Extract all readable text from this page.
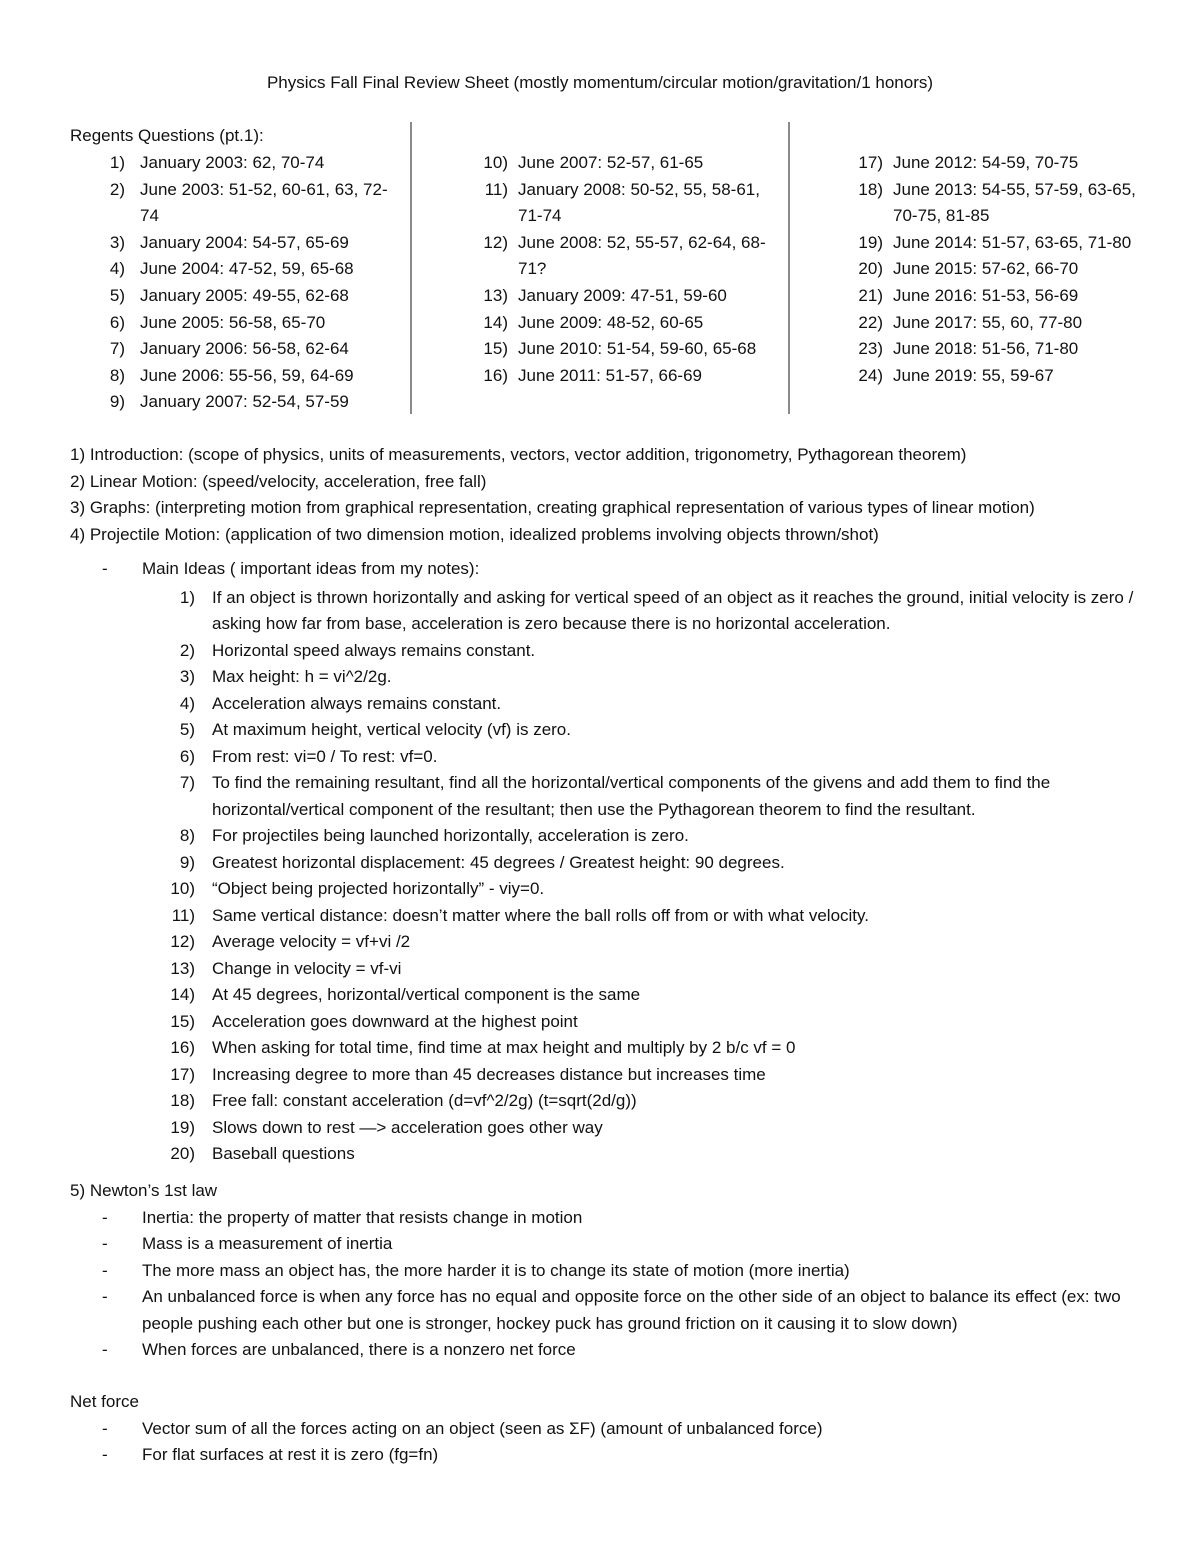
Physics Fall Final Review Sheet (mostly momentum/circular motion/gravitation/1 honors)
Regents Questions (pt.1):
1) January 2003: 62, 70-74
2) June 2003: 51-52, 60-61, 63, 72-74
3) January 2004: 54-57, 65-69
4) June 2004: 47-52, 59, 65-68
5) January 2005: 49-55, 62-68
6) June 2005: 56-58, 65-70
7) January 2006: 56-58, 62-64
8) June 2006: 55-56, 59, 64-69
9) January 2007: 52-54, 57-59
10) June 2007: 52-57, 61-65
11) January 2008: 50-52, 55, 58-61, 71-74
12) June 2008: 52, 55-57, 62-64, 68-71?
13) January 2009: 47-51, 59-60
14) June 2009: 48-52, 60-65
15) June 2010: 51-54, 59-60, 65-68
16) June 2011: 51-57, 66-69
17) June 2012: 54-59, 70-75
18) June 2013: 54-55, 57-59, 63-65, 70-75, 81-85
19) June 2014: 51-57, 63-65, 71-80
20) June 2015: 57-62, 66-70
21) June 2016: 51-53, 56-69
22) June 2017: 55, 60, 77-80
23) June 2018: 51-56, 71-80
24) June 2019: 55, 59-67
1) Introduction: (scope of physics, units of measurements, vectors, vector addition, trigonometry, Pythagorean theorem)
2) Linear Motion: (speed/velocity, acceleration, free fall)
3) Graphs: (interpreting motion from graphical representation, creating graphical representation of various types of linear motion)
4) Projectile Motion: (application of two dimension motion, idealized problems involving objects thrown/shot)
- Main Ideas ( important ideas from my notes):
1) If an object is thrown horizontally and asking for vertical speed of an object as it reaches the ground, initial velocity is zero / asking how far from base, acceleration is zero because there is no horizontal acceleration.
2) Horizontal speed always remains constant.
3) Max height: h = vi^2/2g.
4) Acceleration always remains constant.
5) At maximum height, vertical velocity (vf) is zero.
6) From rest: vi=0 / To rest: vf=0.
7) To find the remaining resultant, find all the horizontal/vertical components of the givens and add them to find the horizontal/vertical component of the resultant; then use the Pythagorean theorem to find the resultant.
8) For projectiles being launched horizontally, acceleration is zero.
9) Greatest horizontal displacement: 45 degrees / Greatest height: 90 degrees.
10) “Object being projected horizontally” - viy=0.
11) Same vertical distance: doesn’t matter where the ball rolls off from or with what velocity.
12) Average velocity = vf+vi /2
13) Change in velocity = vf-vi
14) At 45 degrees, horizontal/vertical component is the same
15) Acceleration goes downward at the highest point
16) When asking for total time, find time at max height and multiply by 2 b/c vf = 0
17) Increasing degree to more than 45 decreases distance but increases time
18) Free fall: constant acceleration (d=vf^2/2g) (t=sqrt(2d/g))
19) Slows down to rest —> acceleration goes other way
20) Baseball questions
5) Newton’s 1st law
- Inertia: the property of matter that resists change in motion
- Mass is a measurement of inertia
- The more mass an object has, the more harder it is to change its state of motion (more inertia)
- An unbalanced force is when any force has no equal and opposite force on the other side of an object to balance its effect (ex: two people pushing each other but one is stronger, hockey puck has ground friction on it causing it to slow down)
- When forces are unbalanced, there is a nonzero net force
Net force
- Vector sum of all the forces acting on an object (seen as ΣF) (amount of unbalanced force)
- For flat surfaces at rest it is zero (fg=fn)
